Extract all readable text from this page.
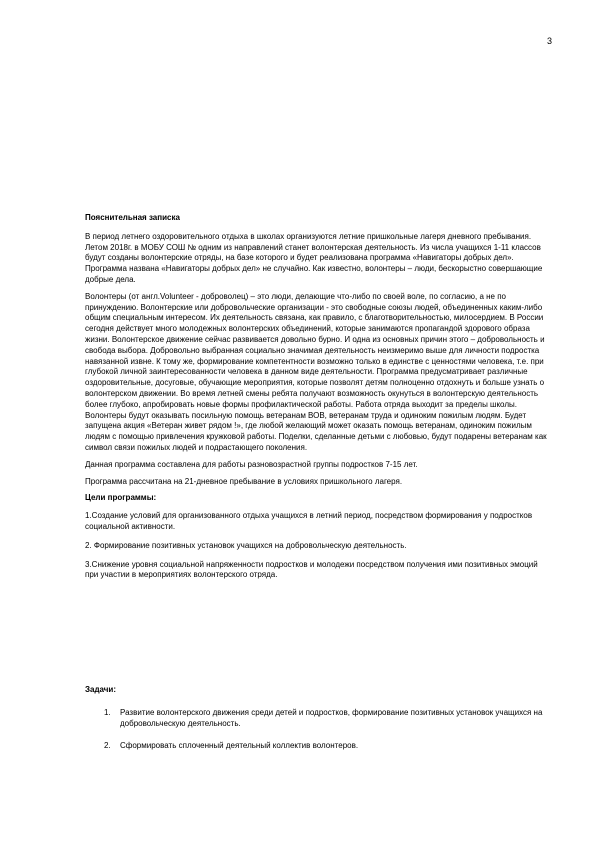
3
Пояснительная записка

В период летнего оздоровительного отдыха в школах организуются летние пришкольные лагеря дневного пребывания. Летом 2018г. в МОБУ СОШ № одним из направлений станет волонтерская деятельность. Из числа учащихся 1-11 классов будут созданы волонтерские отряды, на базе которого и будет реализована программа «Навигаторы добрых дел». Программа названа «Навигаторы добрых дел» не случайно. Как известно, волонтеры – люди, бескорыстно совершающие добрые дела.

Волонтеры (от англ.Volunteer - доброволец) – это люди, делающие что-либо по своей воле, по согласию, а не по принуждению. Волонтерские или добровольческие организации - это свободные союзы людей, объединенных каким-либо общим специальным интересом. Их деятельность связана, как правило, с благотворительностью, милосердием. В России сегодня действует много молодежных волонтерских объединений, которые занимаются пропагандой здорового образа жизни. Волонтерское движение сейчас развивается довольно бурно. И одна из основных причин этого – добровольность и свобода выбора. Добровольно выбранная социально значимая деятельность неизмеримо выше для личности подростка навязанной извне. К тому же, формирование компетентности возможно только в единстве с ценностями человека, т.е. при глубокой личной заинтересованности человека в данном виде деятельности. Программа предусматривает различные оздоровительные, досуговые, обучающие мероприятия, которые позволят детям полноценно отдохнуть и больше узнать о волонтерском движении. Во время летней смены ребята получают возможность окунуться в волонтерскую деятельность более глубоко, апробировать новые формы профилактической работы. Работа отряда выходит за пределы школы. Волонтеры будут оказывать посильную помощь ветеранам ВОВ, ветеранам труда и одиноким пожилым людям. Будет запущена акция «Ветеран живет рядом !», где любой желающий может оказать помощь ветеранам, одиноким пожилым людям с помощью привлечения кружковой работы. Поделки, сделанные детьми с любовью, будут подарены ветеранам как символ связи пожилых людей и подрастающего поколения.

Данная программа составлена для работы разновозрастной группы подростков 7-15 лет.

Программа рассчитана на 21-дневное пребывание в условиях пришкольного лагеря.

Цели программы:

1.Создание условий для организованного отдыха учащихся в летний период, посредством формирования у подростков социальной активности.

2. Формирование позитивных установок учащихся на добровольческую деятельность.

3.Снижение уровня социальной напряженности подростков и молодежи посредством получения ими позитивных эмоций при участии в мероприятиях волонтерского отряда.

Задачи:
1. Развитие волонтерского движения среди детей и подростков, формирование позитивных установок учащихся на добровольческую деятельность.
2. Сформировать сплоченный деятельный коллектив волонтеров.
